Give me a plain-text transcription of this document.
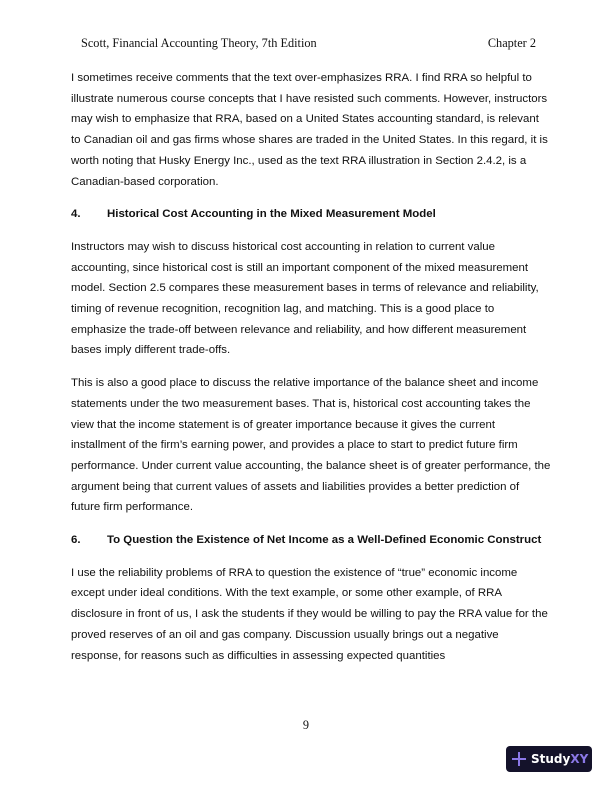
Scott, Financial Accounting Theory, 7th Edition	Chapter 2

I sometimes receive comments that the text over-emphasizes RRA. I find RRA so helpful to illustrate numerous course concepts that I have resisted such comments. However, instructors may wish to emphasize that RRA, based on a United States accounting standard, is relevant to Canadian oil and gas firms whose shares are traded in the United States. In this regard, it is worth noting that Husky Energy Inc., used as the text RRA illustration in Section 2.4.2, is a Canadian-based corporation.

4.	Historical Cost Accounting in the Mixed Measurement Model

Instructors may wish to discuss historical cost accounting in relation to current value accounting, since historical cost is still an important component of the mixed measurement model. Section 2.5 compares these measurement bases in terms of relevance and reliability, timing of revenue recognition, recognition lag, and matching. This is a good place to emphasize the trade-off between relevance and reliability, and how different measurement bases imply different trade-offs.

This is also a good place to discuss the relative importance of the balance sheet and income statements under the two measurement bases. That is, historical cost accounting takes the view that the income statement is of greater importance because it gives the current installment of the firm’s earning power, and provides a place to start to predict future firm performance. Under current value accounting, the balance sheet is of greater performance, the argument being that current values of assets and liabilities provides a better prediction of future firm performance.

6.	To Question the Existence of Net Income as a Well-Defined Economic Construct

I use the reliability problems of RRA to question the existence of “true” economic income except under ideal conditions. With the text example, or some other example, of RRA disclosure in front of us, I ask the students if they would be willing to pay the RRA value for the proved reserves of an oil and gas company. Discussion usually brings out a negative response, for reasons such as difficulties in assessing expected quantities

9
Study XY
